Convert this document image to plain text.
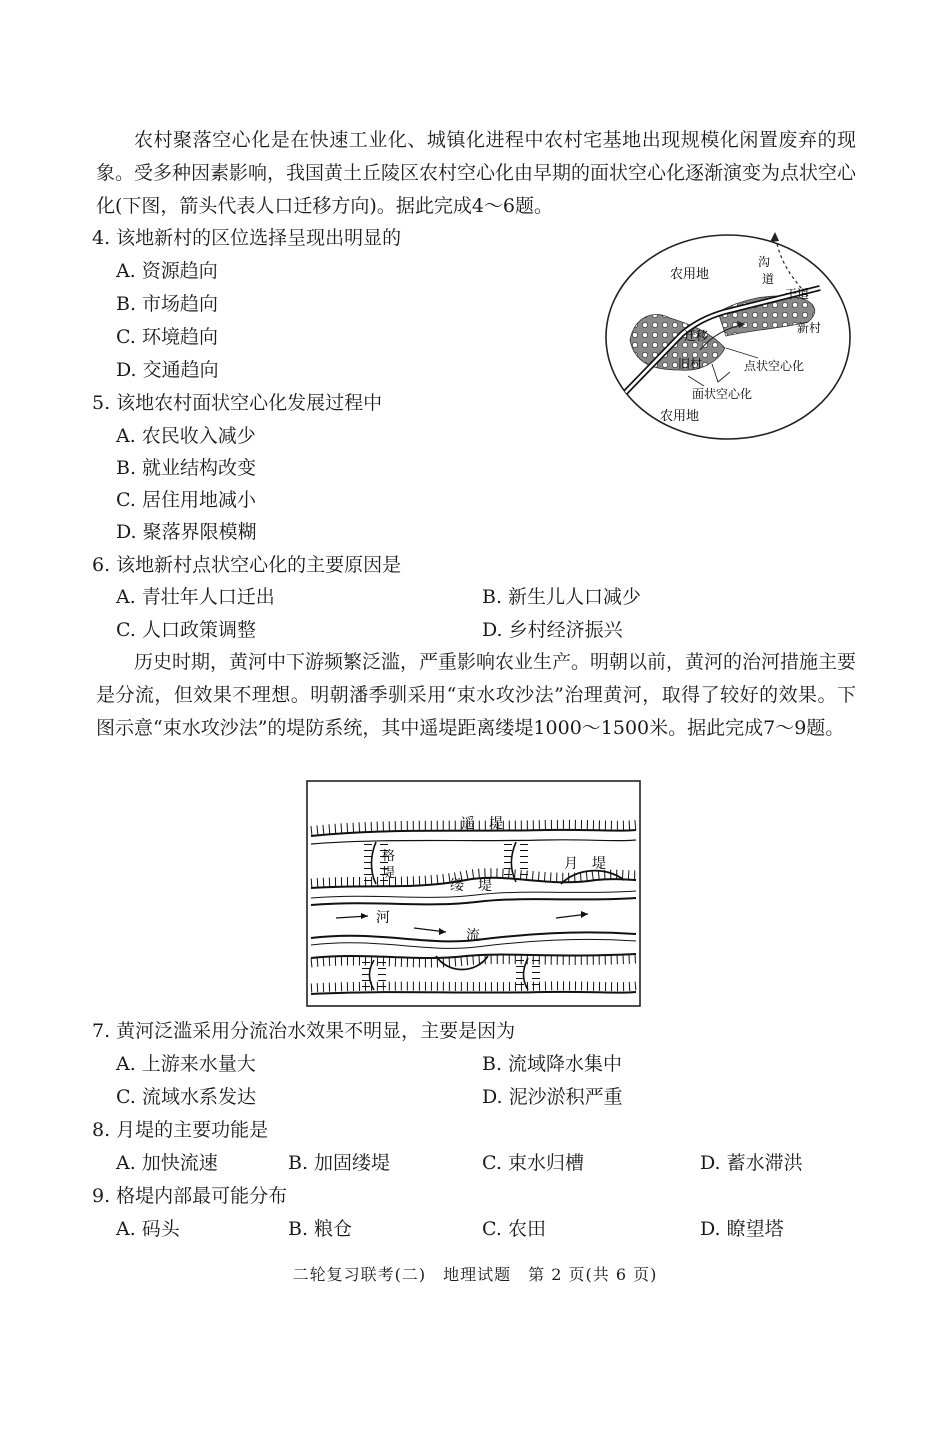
农村聚落空心化是在快速工业化、城镇化进程中农村宅基地出现规模化闲置废弃的现象。受多种因素影响，我国黄土丘陵区农村空心化由早期的面状空心化逐渐演变为点状空心化(下图，箭头代表人口迁移方向)。据此完成4～6题。

4. 该地新村的区位选择呈现出明显的
A. 资源趋向
B. 市场趋向
C. 环境趋向
D. 交通趋向
5. 该地农村面状空心化发展过程中
A. 农民收入减少
B. 就业结构改变
C. 居住用地减小
D. 聚落界限模糊
6. 该地新村点状空心化的主要原因是
A. 青壮年人口迁出	B. 新生儿人口减少
C. 人口政策调整	D. 乡村经济振兴
农用地
沟
道
干道
新村
迁移
旧村	点状空心化
面状空心化
农用地

历史时期，黄河中下游频繁泛滥，严重影响农业生产。明朝以前，黄河的治河措施主要是分流，但效果不理想。明朝潘季驯采用“束水攻沙法”治理黄河，取得了较好的效果。下图示意“束水攻沙法”的堤防系统，其中遥堤距离缕堤1000～1500米。据此完成7～9题。

遥　堤
格
堤
缕　堤
月　堤
河
流
7. 黄河泛滥采用分流治水效果不明显，主要是因为
A. 上游来水量大	B. 流域降水集中
C. 流域水系发达	D. 泥沙淤积严重
8. 月堤的主要功能是
A. 加快流速	B. 加固缕堤	C. 束水归槽	D. 蓄水滞洪
9. 格堤内部最可能分布
A. 码头	B. 粮仓	C. 农田	D. 瞭望塔
二轮复习联考(二)　地理试题　第 2 页(共 6 页)
